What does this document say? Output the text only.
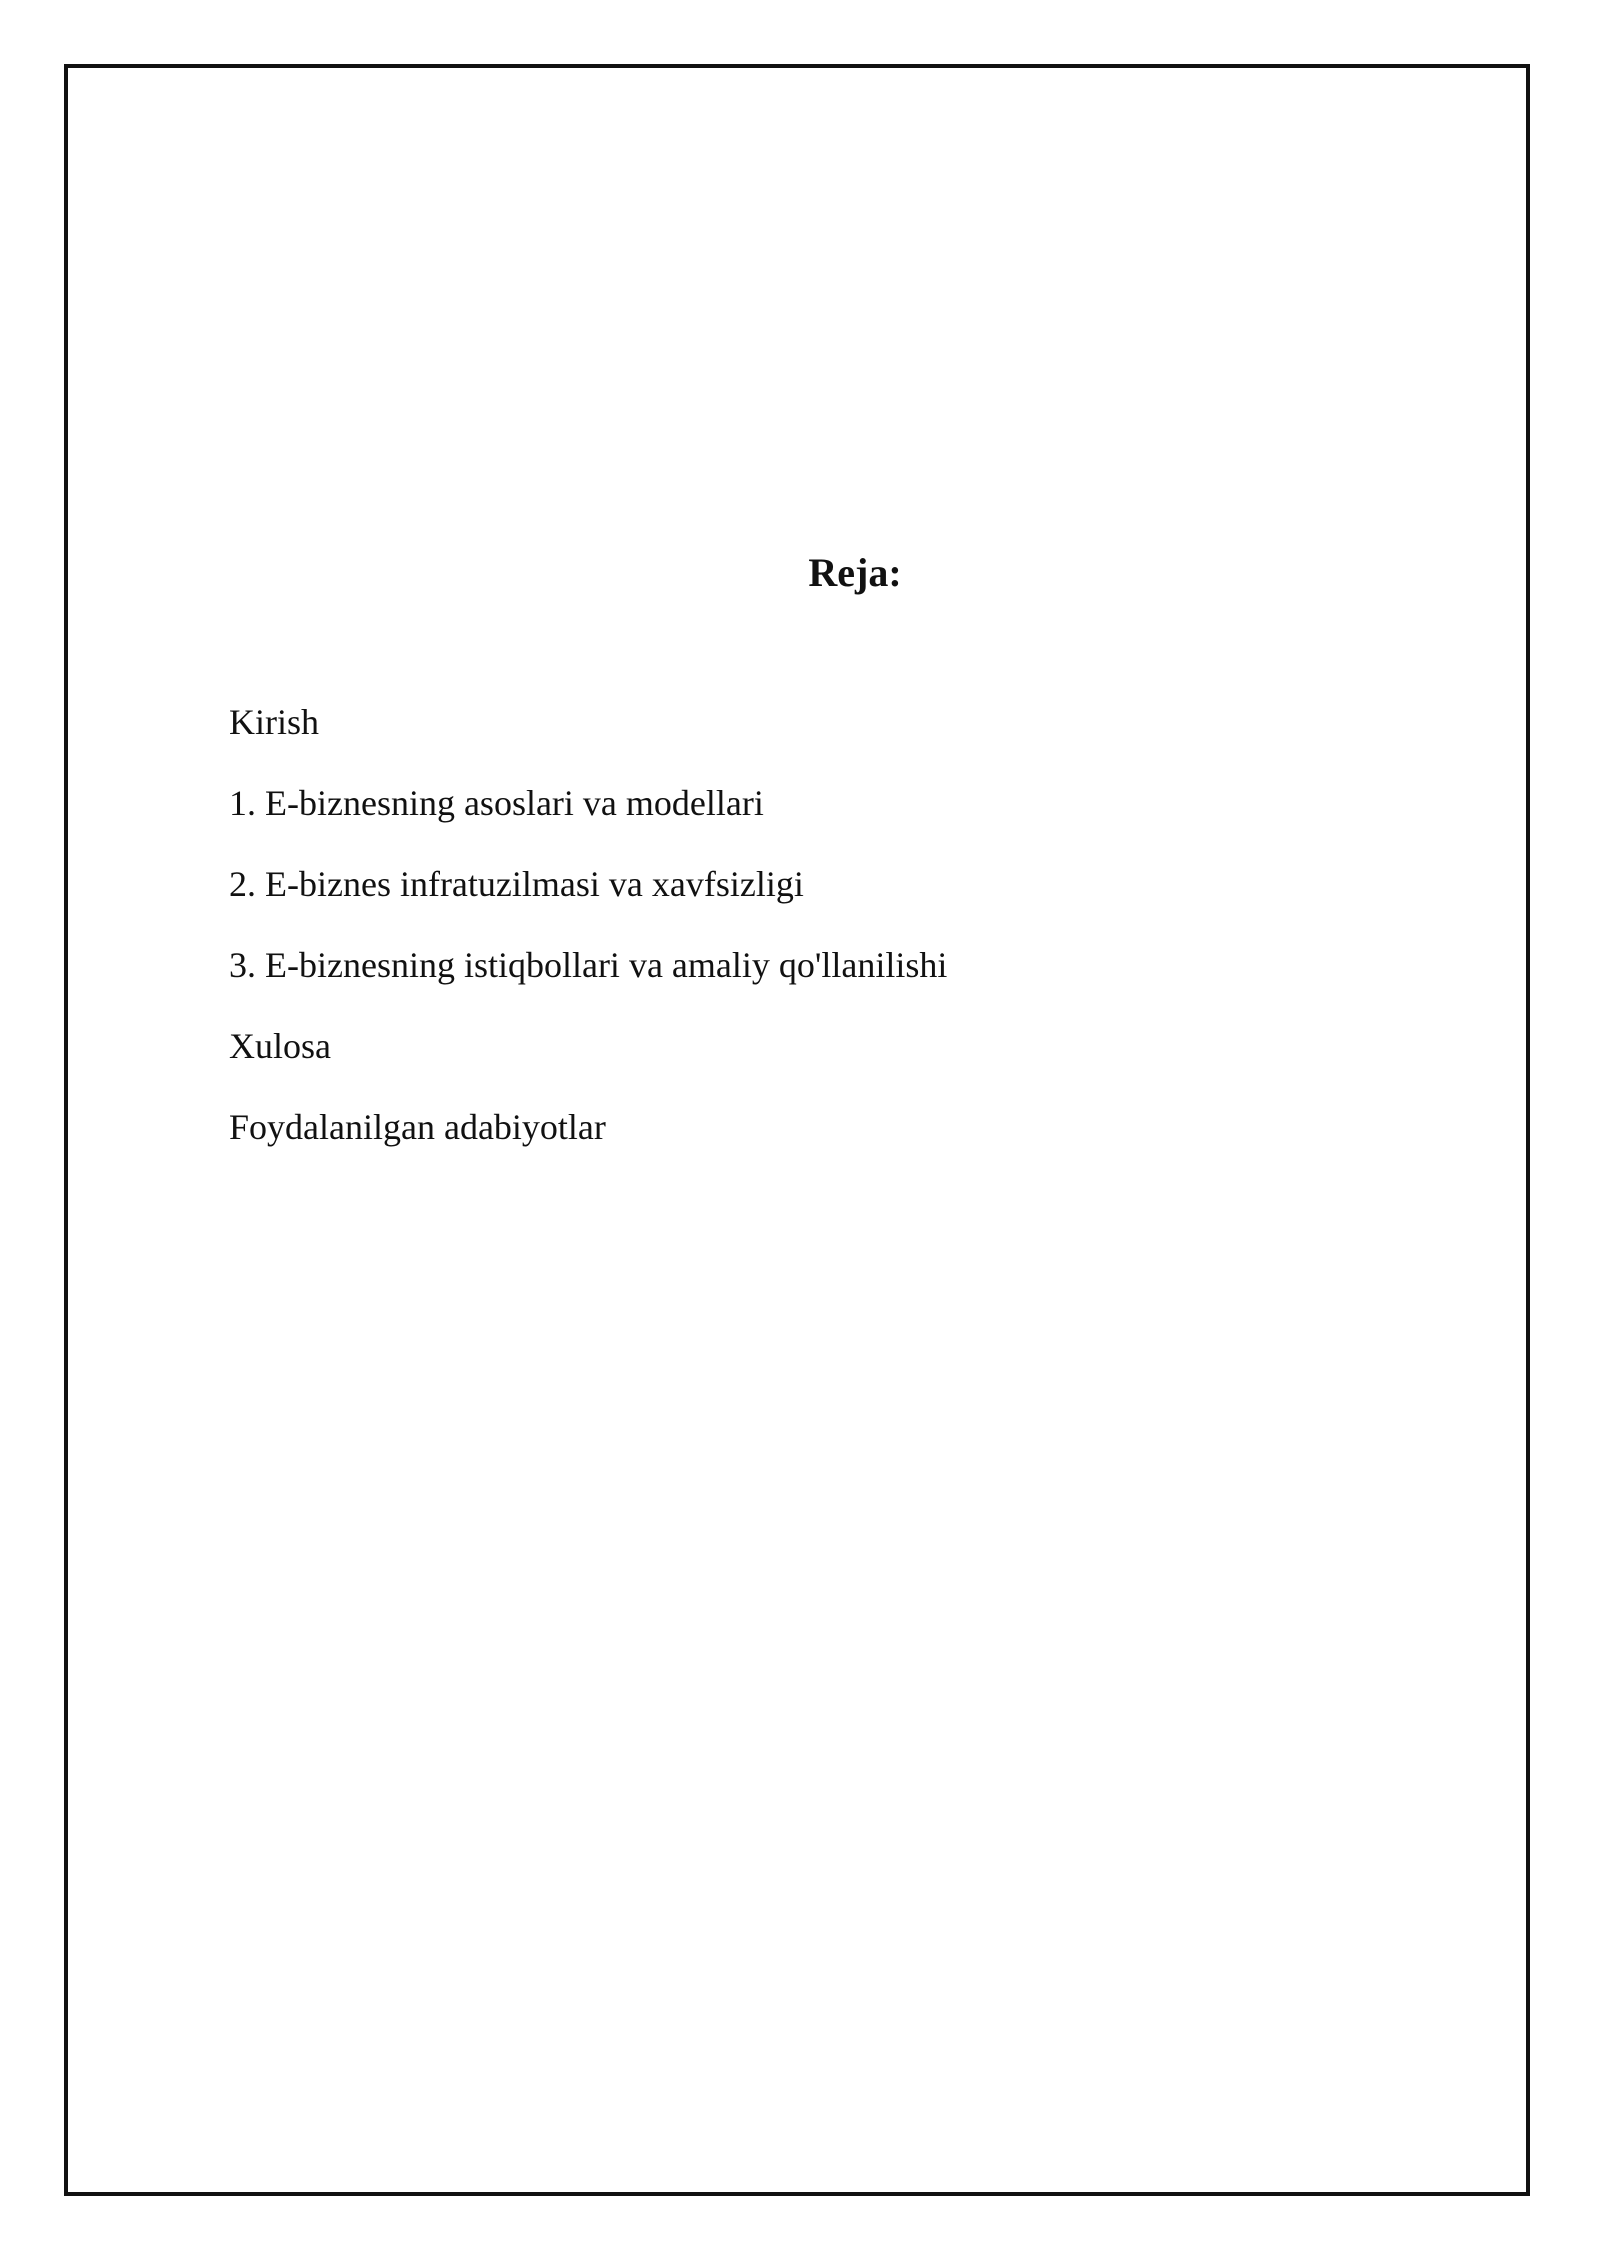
Reja:
Kirish
1. E-biznesning asoslari va modellari
2. E-biznes infratuzilmasi va xavfsizligi
3. E-biznesning istiqbollari va amaliy qo'llanilishi
Xulosa
Foydalanilgan adabiyotlar
